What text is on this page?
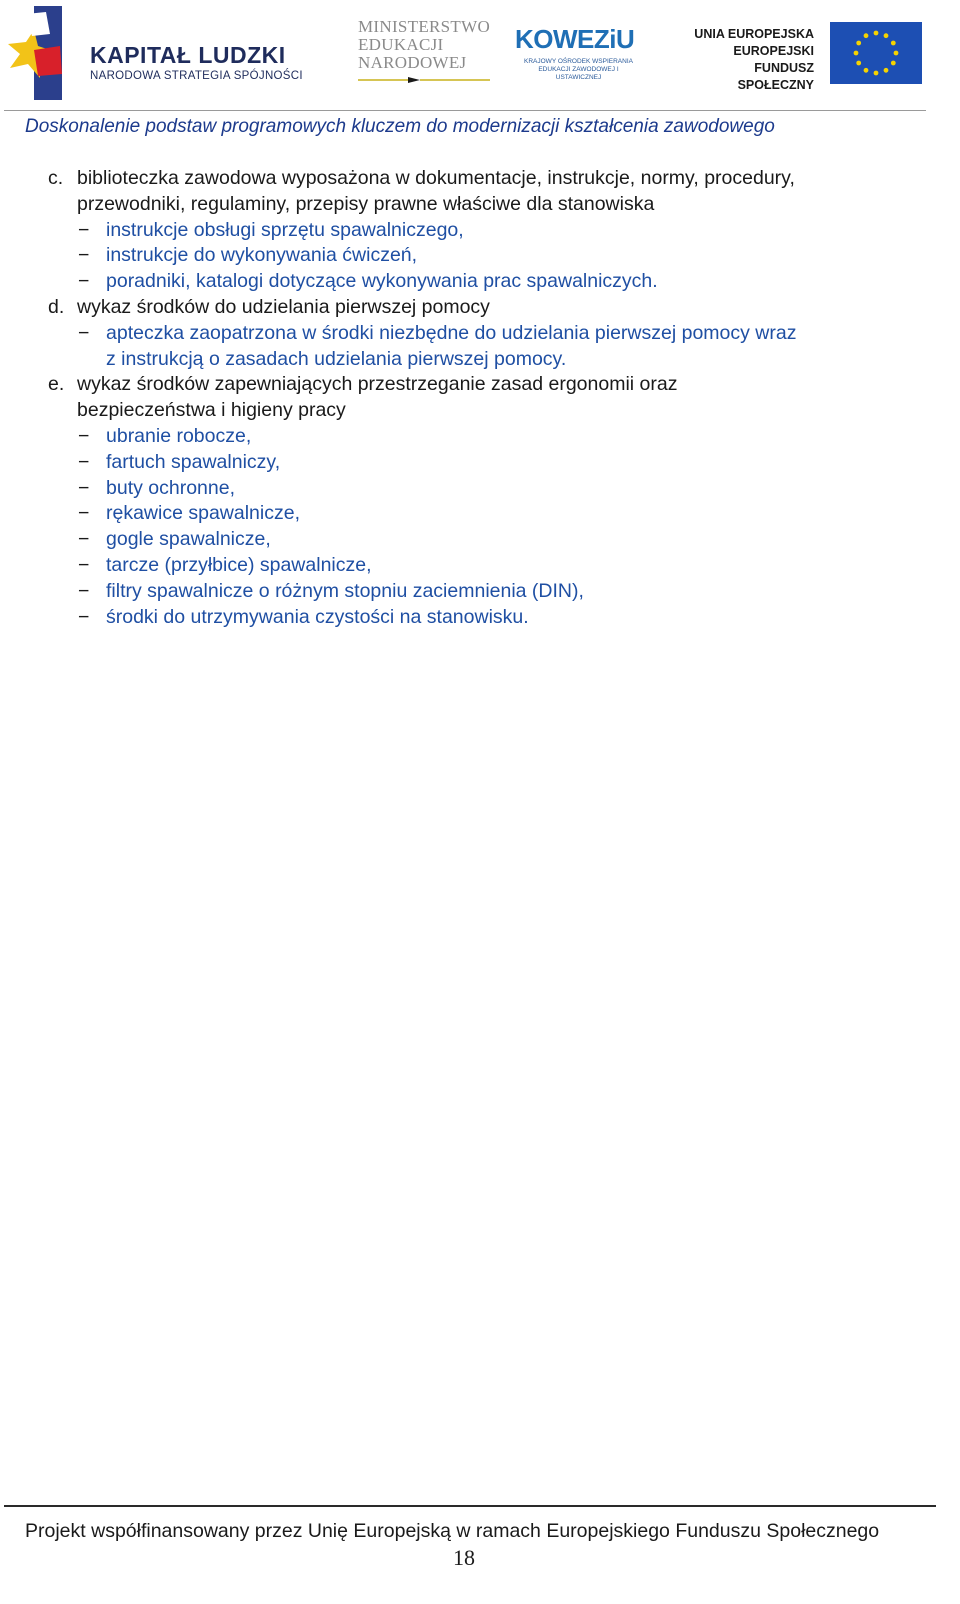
KAPITAŁ LUDZKI
NARODOWA STRATEGIA SPÓJNOŚCI
MINISTERSTWO
EDUKACJI
NARODOWEJ
KOWEZiU
KRAJOWY OŚRODEK WSPIERANIA EDUKACJI ZAWODOWEJ I USTAWICZNEJ
UNIA EUROPEJSKA
EUROPEJSKI
FUNDUSZ SPOŁECZNY
Doskonalenie podstaw programowych kluczem do modernizacji kształcenia zawodowego
c. biblioteczka zawodowa wyposażona w dokumentacje, instrukcje, normy, procedury,
przewodniki, regulaminy, przepisy prawne właściwe dla stanowiska
− instrukcje obsługi sprzętu spawalniczego,
− instrukcje do wykonywania ćwiczeń,
− poradniki, katalogi dotyczące wykonywania prac spawalniczych.
d. wykaz środków do udzielania pierwszej pomocy
− apteczka zaopatrzona w środki niezbędne do udzielania pierwszej pomocy wraz
z instrukcją o zasadach udzielania pierwszej pomocy.
e. wykaz środków zapewniających przestrzeganie zasad ergonomii oraz
bezpieczeństwa i higieny pracy
− ubranie robocze,
− fartuch spawalniczy,
− buty ochronne,
− rękawice spawalnicze,
− gogle spawalnicze,
− tarcze (przyłbice) spawalnicze,
− filtry spawalnicze o różnym stopniu zaciemnienia (DIN),
− środki do utrzymywania czystości na stanowisku.
Projekt współfinansowany przez Unię Europejską w ramach Europejskiego Funduszu Społecznego
18
